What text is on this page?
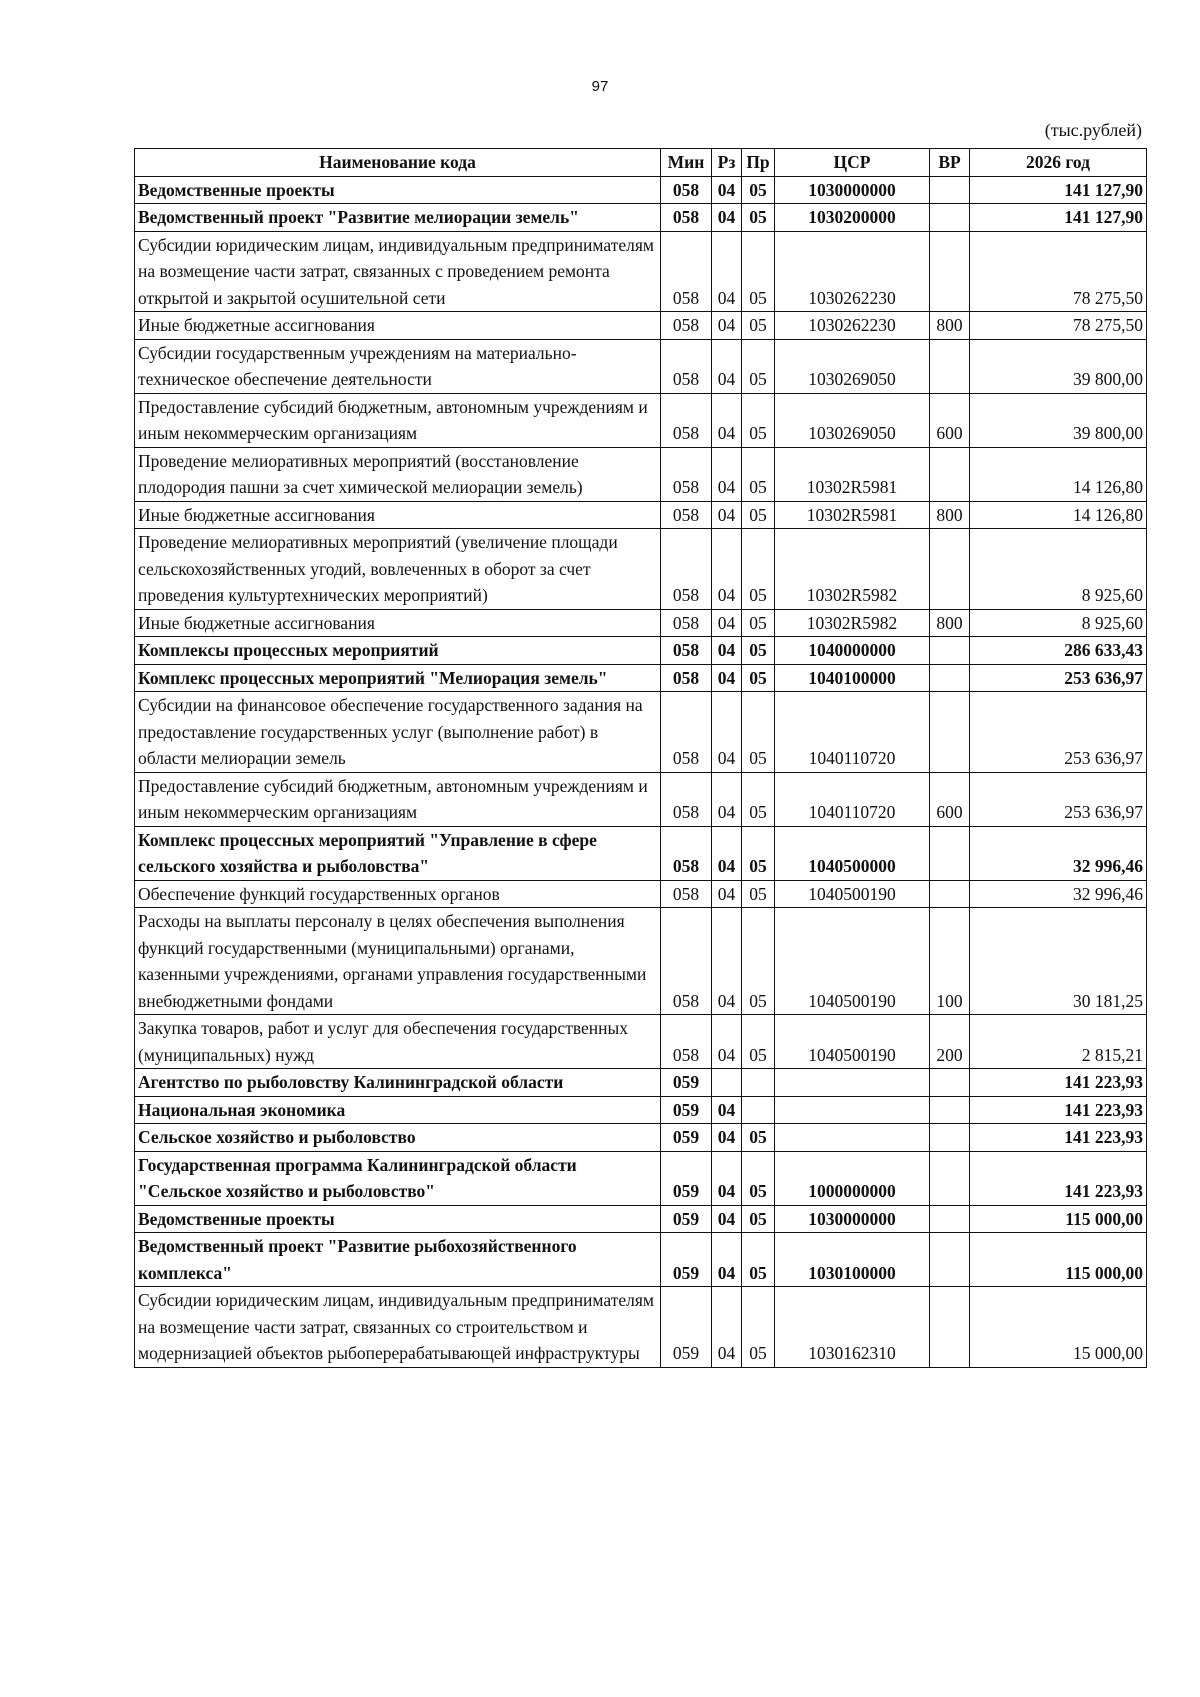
97
(тыс.рублей)
Наименование кода	Мин	Рз	Пр	ЦСР	ВР	2026 год
Ведомственные проекты	058	04	05	1030000000		141 127,90
Ведомственный проект "Развитие мелиорации земель"	058	04	05	1030200000		141 127,90
Субсидии юридическим лицам, индивидуальным предпринимателям на возмещение части затрат, связанных с проведением ремонта открытой и закрытой осушительной сети	058	04	05	1030262230		78 275,50
Иные бюджетные ассигнования	058	04	05	1030262230	800	78 275,50
Субсидии государственным учреждениям на материально-техническое обеспечение деятельности	058	04	05	1030269050		39 800,00
Предоставление субсидий бюджетным, автономным учреждениям и иным некоммерческим организациям	058	04	05	1030269050	600	39 800,00
Проведение мелиоративных мероприятий (восстановление плодородия пашни за счет химической мелиорации земель)	058	04	05	10302R5981		14 126,80
Иные бюджетные ассигнования	058	04	05	10302R5981	800	14 126,80
Проведение мелиоративных мероприятий (увеличение площади сельскохозяйственных угодий, вовлеченных в оборот за счет проведения культуртехнических мероприятий)	058	04	05	10302R5982		8 925,60
Иные бюджетные ассигнования	058	04	05	10302R5982	800	8 925,60
Комплексы процессных мероприятий	058	04	05	1040000000		286 633,43
Комплекс процессных мероприятий "Мелиорация земель"	058	04	05	1040100000		253 636,97
Субсидии на финансовое обеспечение государственного задания на предоставление государственных услуг (выполнение работ) в области мелиорации земель	058	04	05	1040110720		253 636,97
Предоставление субсидий бюджетным, автономным учреждениям и иным некоммерческим организациям	058	04	05	1040110720	600	253 636,97
Комплекс процессных мероприятий "Управление в сфере сельского хозяйства и рыболовства"	058	04	05	1040500000		32 996,46
Обеспечение функций государственных органов	058	04	05	1040500190		32 996,46
Расходы на выплаты персоналу в целях обеспечения выполнения функций государственными (муниципальными) органами, казенными учреждениями, органами управления государственными внебюджетными фондами	058	04	05	1040500190	100	30 181,25
Закупка товаров, работ и услуг для обеспечения государственных (муниципальных) нужд	058	04	05	1040500190	200	2 815,21
Агентство по рыболовству Калининградской области	059					141 223,93
Национальная экономика	059	04				141 223,93
Сельское хозяйство и рыболовство	059	04	05			141 223,93
Государственная программа Калининградской области "Сельское хозяйство и рыболовство"	059	04	05	1000000000		141 223,93
Ведомственные проекты	059	04	05	1030000000		115 000,00
Ведомственный проект "Развитие рыбохозяйственного комплекса"	059	04	05	1030100000		115 000,00
Субсидии юридическим лицам, индивидуальным предпринимателям на возмещение части затрат, связанных со строительством и модернизацией объектов рыбоперерабатывающей инфраструктуры	059	04	05	1030162310		15 000,00
